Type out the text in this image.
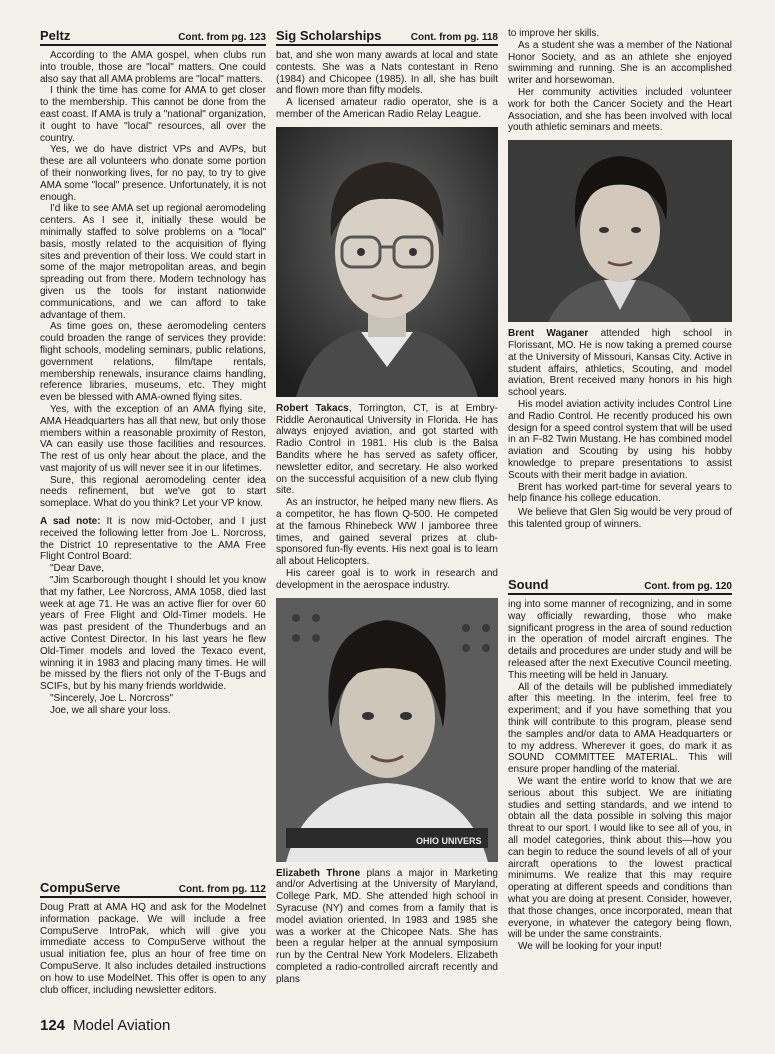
Peltz	Cont. from pg. 123

According to the AMA gospel, when clubs run into trouble, those are "local" matters. One could also say that all AMA problems are "local" matters.

I think the time has come for AMA to get closer to the membership. This cannot be done from the east coast. If AMA is truly a "national" organization, it ought to have "local" resources, all over the country.

Yes, we do have district VPs and AVPs, but these are all volunteers who donate some portion of their nonworking lives, for no pay, to try to give AMA some "local" presence. Unfortunately, it is not enough.

I'd like to see AMA set up regional aeromodeling centers. As I see it, initially these would be minimally staffed to solve problems on a "local" basis, mostly related to the acquisition of flying sites and prevention of their loss. We could start in some of the major metropolitan areas, and begin spreading out from there. Modern technology has given us the tools for instant nationwide communications, and we can afford to take advantage of them.

As time goes on, these aeromodeling centers could broaden the range of services they provide: flight schools, modeling seminars, public relations, government relations, film/tape rentals, membership renewals, insurance claims handling, reference libraries, museums, etc. They might even be blessed with AMA-owned flying sites.

Yes, with the exception of an AMA flying site, AMA Headquarters has all that new, but only those members within a reasonable proximity of Reston, VA can easily use those facilities and resources. The rest of us only hear about the place, and the vast majority of us will never see it in our lifetimes.

Sure, this regional aeromodeling center idea needs refinement, but we've got to start someplace. What do you think? Let your VP know.

A sad note: It is now mid-October, and I just received the following letter from Joe L. Norcross, the District 10 representative to the AMA Free Flight Control Board:

"Dear Dave,

"Jim Scarborough thought I should let you know that my father, Lee Norcross, AMA 1058, died last week at age 71. He was an active flier for over 60 years of Free Flight and Old-Timer models. He was past president of the Thunderbugs and an active Contest Director. In his last years he flew Old-Timer models and loved the Texaco event, winning it in 1983 and placing many times. He will be missed by the fliers not only of the T-Bugs and SCIFs, but by his many friends worldwide.

"Sincerely, Joe L. Norcross"

Joe, we all share your loss.

CompuServe	Cont. from pg. 112

Doug Pratt at AMA HQ and ask for the Modelnet information package. We will include a free CompuServe IntroPak, which will give you immediate access to CompuServe without the usual initiation fee, plus an hour of free time on CompuServe. It also includes detailed instructions on how to use ModelNet. This offer is open to any club officer, including newsletter editors.

Sig Scholarships	Cont. from pg. 118

bat, and she won many awards at local and state contests. She was a Nats contestant in Reno (1984) and Chicopee (1985). In all, she has built and flown more than fifty models.

A licensed amateur radio operator, she is a member of the American Radio Relay League.

Robert Takacs, Torrington, CT, is at Embry-Riddle Aeronautical University in Florida. He has always enjoyed aviation, and got started with Radio Control in 1981. His club is the Balsa Bandits where he has served as safety officer, newsletter editor, and secretary. He also worked on the successful acquisition of a new club flying site.

As an instructor, he helped many new fliers. As a competitor, he has flown Q-500. He competed at the famous Rhinebeck WW I jamboree three times, and gained several prizes at club-sponsored fun-fly events. His next goal is to learn all about Helicopters.

His career goal is to work in research and development in the aerospace industry.

OHIO UNIVERS

Elizabeth Throne plans a major in Marketing and/or Advertising at the University of Maryland, College Park, MD. She attended high school in Syracuse (NY) and comes from a family that is model aviation oriented. In 1983 and 1985 she was a worker at the Chicopee Nats. She has been a regular helper at the annual symposium run by the Central New York Modelers. Elizabeth completed a radio-controlled aircraft recently and plans

to improve her skills.

As a student she was a member of the National Honor Society, and as an athlete she enjoyed swimming and running. She is an accomplished writer and horsewoman.

Her community activities included volunteer work for both the Cancer Society and the Heart Association, and she has been involved with local youth athletic seminars and meets.

Brent Waganer attended high school in Florissant, MO. He is now taking a premed course at the University of Missouri, Kansas City. Active in student affairs, athletics, Scouting, and model aviation, Brent received many honors in his high school years.

His model aviation activity includes Control Line and Radio Control. He recently produced his own design for a speed control system that will be used in an F-82 Twin Mustang. He has combined model aviation and Scouting by using his hobby knowledge to prepare presentations to assist Scouts with their merit badge in aviation.

Brent has worked part-time for several years to help finance his college education.

We believe that Glen Sig would be very proud of this talented group of winners.

Sound	Cont. from pg. 120

ing into some manner of recognizing, and in some way officially rewarding, those who make significant progress in the area of sound reduction in the operation of model aircraft engines. The details and procedures are under study and will be released after the next Executive Council meeting. This meeting will be held in January.

All of the details will be published immediately after this meeting. In the interim, feel free to experiment; and if you have something that you think will contribute to this program, please send the samples and/or data to AMA Headquarters or to my address. Wherever it goes, do mark it as SOUND COMMITTEE MATERIAL. This will ensure proper handling of the material.

We want the entire world to know that we are serious about this subject. We are initiating studies and setting standards, and we intend to obtain all the data possible in solving this major threat to our sport. I would like to see all of you, in all model categories, think about this—how you can begin to reduce the sound levels of all of your aircraft operations to the lowest practical minimums. We realize that this may require operating at different speeds and conditions than what you are doing at present. Consider, however, that those changes, once incorporated, mean that everyone, in whatever the category being flown, will be under the same constraints.

We will be looking for your input!

124 Model Aviation
